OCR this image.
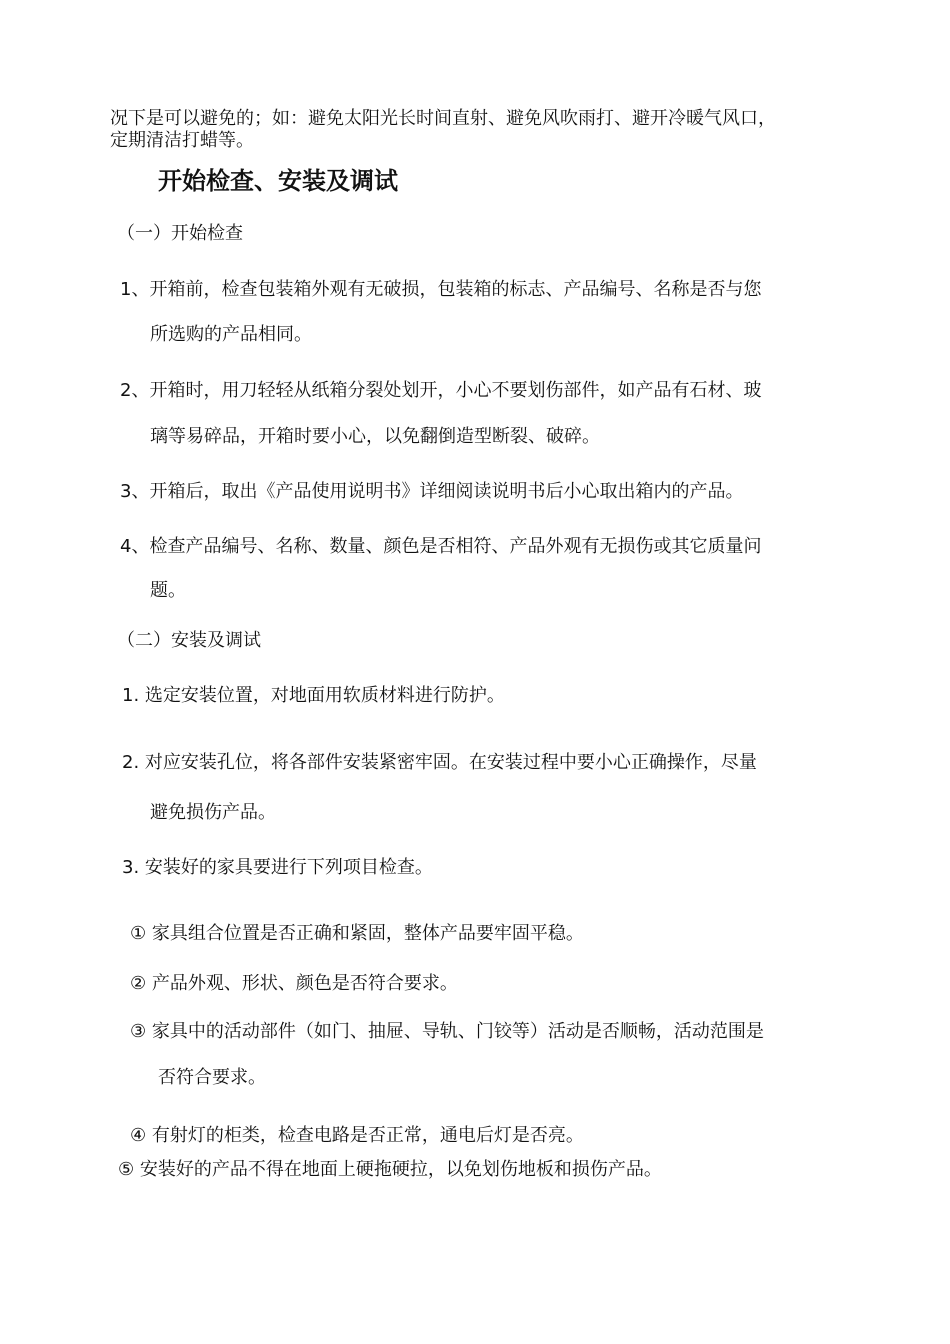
况下是可以避免的；如：避免太阳光长时间直射、避免风吹雨打、避开冷暖气风口，
定期清洁打蜡等。
开始检查、安装及调试
（一）开始检查
1、开箱前，检查包装箱外观有无破损，包装箱的标志、产品编号、名称是否与您
所选购的产品相同。
2、开箱时，用刀轻轻从纸箱分裂处划开，小心不要划伤部件，如产品有石材、玻
璃等易碎品，开箱时要小心，以免翻倒造型断裂、破碎。
3、开箱后，取出《产品使用说明书》详细阅读说明书后小心取出箱内的产品。
4、检查产品编号、名称、数量、颜色是否相符、产品外观有无损伤或其它质量问
题。
（二）安装及调试
1. 选定安装位置，对地面用软质材料进行防护。
2. 对应安装孔位，将各部件安装紧密牢固。在安装过程中要小心正确操作，尽量
避免损伤产品。
3. 安装好的家具要进行下列项目检查。
① 家具组合位置是否正确和紧固，整体产品要牢固平稳。
② 产品外观、形状、颜色是否符合要求。
③ 家具中的活动部件（如门、抽屉、导轨、门铰等）活动是否顺畅，活动范围是
否符合要求。
④ 有射灯的柜类，检查电路是否正常，通电后灯是否亮。
⑤ 安装好的产品不得在地面上硬拖硬拉，以免划伤地板和损伤产品。
